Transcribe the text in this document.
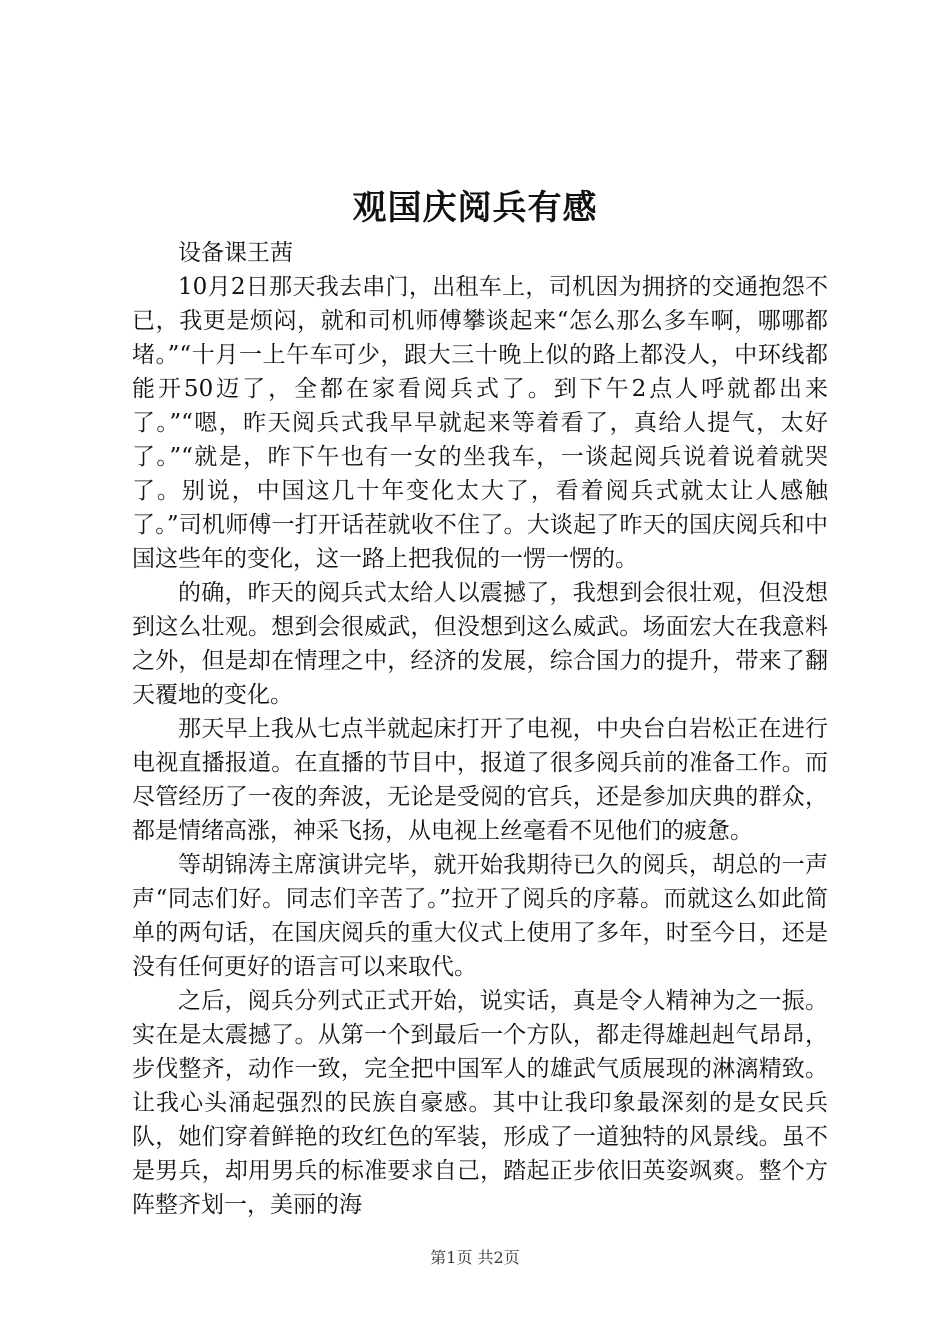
观国庆阅兵有感
设备课王茜

10月2日那天我去串门，出租车上，司机因为拥挤的交通抱怨不已，我更是烦闷，就和司机师傅攀谈起来“怎么那么多车啊，哪哪都堵。”“十月一上午车可少，跟大三十晚上似的路上都没人，中环线都能开50迈了，全都在家看阅兵式了。到下午2点人呼就都出来了。”“嗯，昨天阅兵式我早早就起来等着看了，真给人提气，太好了。”“就是，昨下午也有一女的坐我车，一谈起阅兵说着说着就哭了。别说，中国这几十年变化太大了，看着阅兵式就太让人感触了。”司机师傅一打开话茬就收不住了。大谈起了昨天的国庆阅兵和中国这些年的变化，这一路上把我侃的一愣一愣的。

的确，昨天的阅兵式太给人以震撼了，我想到会很壮观，但没想到这么壮观。想到会很威武，但没想到这么威武。场面宏大在我意料之外，但是却在情理之中，经济的发展，综合国力的提升，带来了翻天覆地的变化。

那天早上我从七点半就起床打开了电视，中央台白岩松正在进行电视直播报道。在直播的节目中，报道了很多阅兵前的准备工作。而尽管经历了一夜的奔波，无论是受阅的官兵，还是参加庆典的群众，都是情绪高涨，神采飞扬，从电视上丝毫看不见他们的疲惫。

等胡锦涛主席演讲完毕，就开始我期待已久的阅兵，胡总的一声声“同志们好。同志们辛苦了。”拉开了阅兵的序幕。而就这么如此简单的两句话，在国庆阅兵的重大仪式上使用了多年，时至今日，还是没有任何更好的语言可以来取代。

之后，阅兵分列式正式开始，说实话，真是令人精神为之一振。实在是太震撼了。从第一个到最后一个方队，都走得雄赳赳气昂昂，步伐整齐，动作一致，完全把中国军人的雄武气质展现的淋漓精致。让我心头涌起强烈的民族自豪感。其中让我印象最深刻的是女民兵队，她们穿着鲜艳的玫红色的军装，形成了一道独特的风景线。虽不是男兵，却用男兵的标准要求自己，踏起正步依旧英姿飒爽。整个方阵整齐划一，美丽的海

第1页 共2页
